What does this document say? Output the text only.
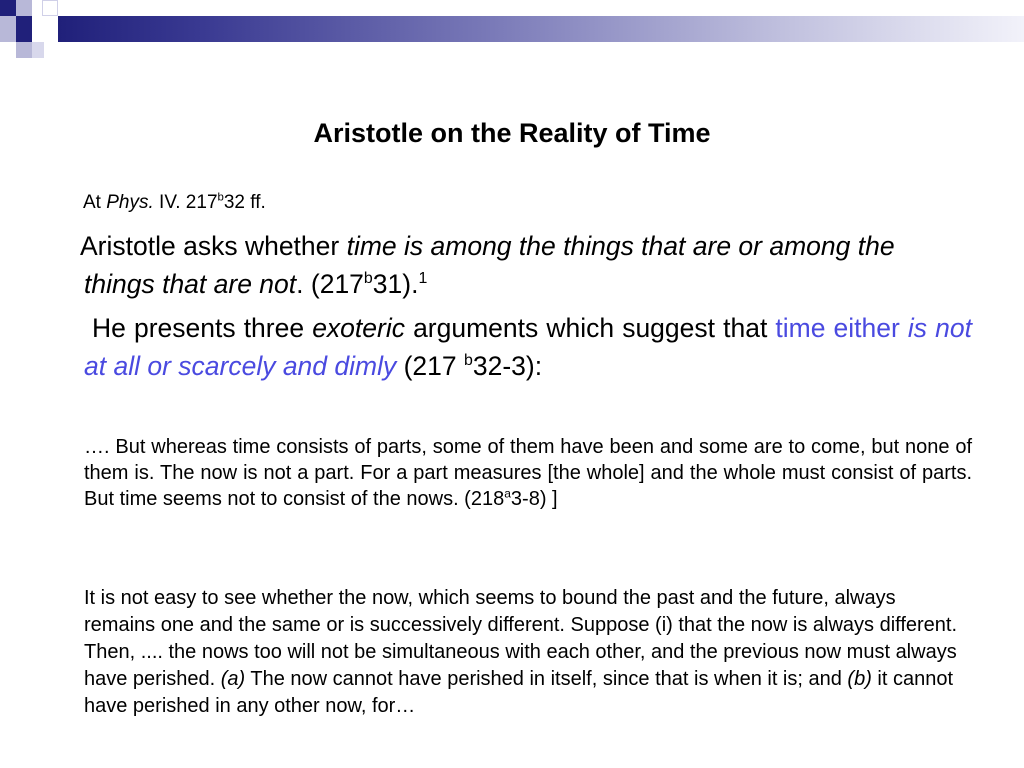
Aristotle on the Reality of Time

At Phys. IV. 217$^b$32 ff.

Aristotle asks whether time is among the things that are or among the things that are not. (217$^b$31).$^1$

He presents three exoteric arguments which suggest that time either is not at all or scarcely and dimly (217 $^b$32-3):

…. But whereas time consists of parts, some of them have been and some are to come, but none of them is. The now is not a part. For a part measures [the whole] and the whole must consist of parts. But time seems not to consist of the nows. (218$^a$3-8) ]

It is not easy to see whether the now, which seems to bound the past and the future, always remains one and the same or is successively different. Suppose (i) that the now is always different. Then, .... the nows too will not be simultaneous with each other, and the previous now must always have perished. (a) The now cannot have perished in itself, since that is when it is; and (b) it cannot have perished in any other now, for…
